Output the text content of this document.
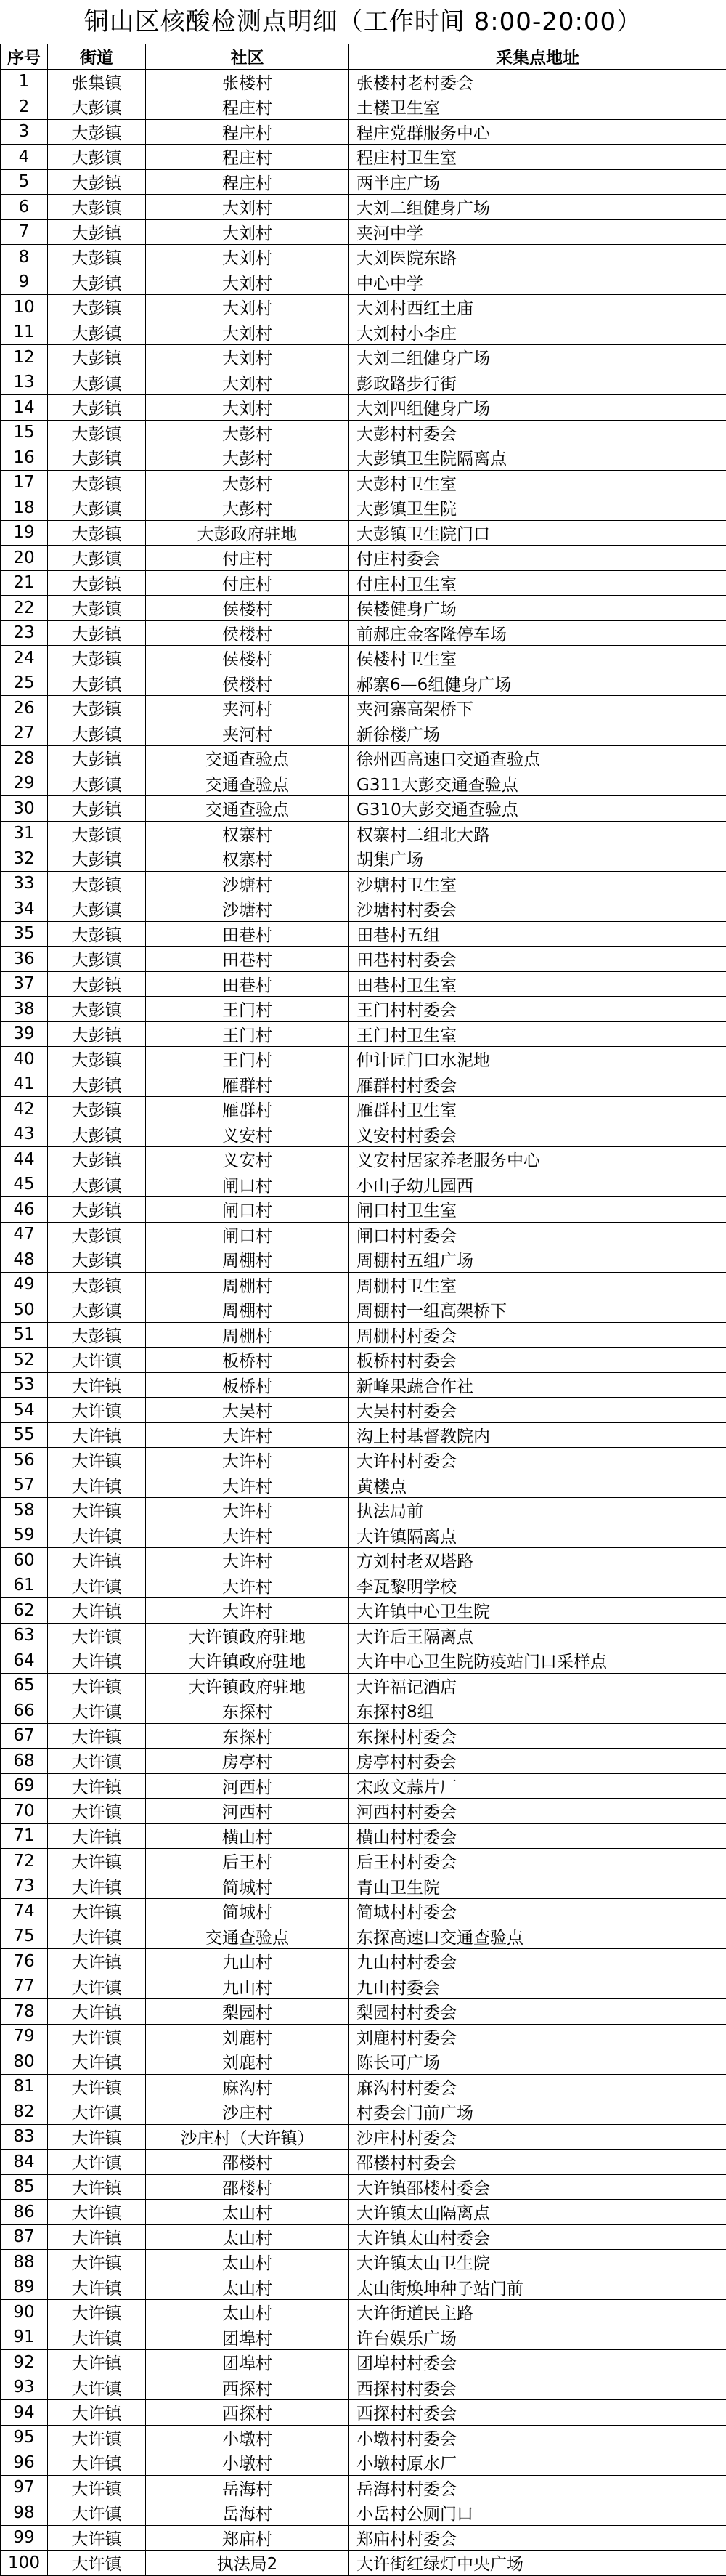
铜山区核酸检测点明细（工作时间 8:00-20:00）
序号	街道	社区	采集点地址
1	张集镇	张楼村	张楼村老村委会
2	大彭镇	程庄村	土楼卫生室
3	大彭镇	程庄村	程庄党群服务中心
4	大彭镇	程庄村	程庄村卫生室
5	大彭镇	程庄村	两半庄广场
6	大彭镇	大刘村	大刘二组健身广场
7	大彭镇	大刘村	夹河中学
8	大彭镇	大刘村	大刘医院东路
9	大彭镇	大刘村	中心中学
10	大彭镇	大刘村	大刘村西红土庙
11	大彭镇	大刘村	大刘村小李庄
12	大彭镇	大刘村	大刘二组健身广场
13	大彭镇	大刘村	彭政路步行街
14	大彭镇	大刘村	大刘四组健身广场
15	大彭镇	大彭村	大彭村村委会
16	大彭镇	大彭村	大彭镇卫生院隔离点
17	大彭镇	大彭村	大彭村卫生室
18	大彭镇	大彭村	大彭镇卫生院
19	大彭镇	大彭政府驻地	大彭镇卫生院门口
20	大彭镇	付庄村	付庄村委会
21	大彭镇	付庄村	付庄村卫生室
22	大彭镇	侯楼村	侯楼健身广场
23	大彭镇	侯楼村	前郝庄金客隆停车场
24	大彭镇	侯楼村	侯楼村卫生室
25	大彭镇	侯楼村	郝寨6—6组健身广场
26	大彭镇	夹河村	夹河寨高架桥下
27	大彭镇	夹河村	新徐楼广场
28	大彭镇	交通查验点	徐州西高速口交通查验点
29	大彭镇	交通查验点	G311大彭交通查验点
30	大彭镇	交通查验点	G310大彭交通查验点
31	大彭镇	权寨村	权寨村二组北大路
32	大彭镇	权寨村	胡集广场
33	大彭镇	沙塘村	沙塘村卫生室
34	大彭镇	沙塘村	沙塘村村委会
35	大彭镇	田巷村	田巷村五组
36	大彭镇	田巷村	田巷村村委会
37	大彭镇	田巷村	田巷村卫生室
38	大彭镇	王门村	王门村村委会
39	大彭镇	王门村	王门村卫生室
40	大彭镇	王门村	仲计匠门口水泥地
41	大彭镇	雁群村	雁群村村委会
42	大彭镇	雁群村	雁群村卫生室
43	大彭镇	义安村	义安村村委会
44	大彭镇	义安村	义安村居家养老服务中心
45	大彭镇	闸口村	小山子幼儿园西
46	大彭镇	闸口村	闸口村卫生室
47	大彭镇	闸口村	闸口村村委会
48	大彭镇	周棚村	周棚村五组广场
49	大彭镇	周棚村	周棚村卫生室
50	大彭镇	周棚村	周棚村一组高架桥下
51	大彭镇	周棚村	周棚村村委会
52	大许镇	板桥村	板桥村村委会
53	大许镇	板桥村	新峰果蔬合作社
54	大许镇	大吴村	大吴村村委会
55	大许镇	大许村	沟上村基督教院内
56	大许镇	大许村	大许村村委会
57	大许镇	大许村	黄楼点
58	大许镇	大许村	执法局前
59	大许镇	大许村	大许镇隔离点
60	大许镇	大许村	方刘村老双塔路
61	大许镇	大许村	李瓦黎明学校
62	大许镇	大许村	大许镇中心卫生院
63	大许镇	大许镇政府驻地	大许后王隔离点
64	大许镇	大许镇政府驻地	大许中心卫生院防疫站门口采样点
65	大许镇	大许镇政府驻地	大许福记酒店
66	大许镇	东探村	东探村8组
67	大许镇	东探村	东探村村委会
68	大许镇	房亭村	房亭村村委会
69	大许镇	河西村	宋政文蒜片厂
70	大许镇	河西村	河西村村委会
71	大许镇	横山村	横山村村委会
72	大许镇	后王村	后王村村委会
73	大许镇	简城村	青山卫生院
74	大许镇	简城村	简城村村委会
75	大许镇	交通查验点	东探高速口交通查验点
76	大许镇	九山村	九山村村委会
77	大许镇	九山村	九山村委会
78	大许镇	梨园村	梨园村村委会
79	大许镇	刘鹿村	刘鹿村村委会
80	大许镇	刘鹿村	陈长可广场
81	大许镇	麻沟村	麻沟村村委会
82	大许镇	沙庄村	村委会门前广场
83	大许镇	沙庄村（大许镇）	沙庄村村委会
84	大许镇	邵楼村	邵楼村村委会
85	大许镇	邵楼村	大许镇邵楼村委会
86	大许镇	太山村	大许镇太山隔离点
87	大许镇	太山村	大许镇太山村委会
88	大许镇	太山村	大许镇太山卫生院
89	大许镇	太山村	太山街焕坤种子站门前
90	大许镇	太山村	大许街道民主路
91	大许镇	团埠村	许台娱乐广场
92	大许镇	团埠村	团埠村村委会
93	大许镇	西探村	西探村村委会
94	大许镇	西探村	西探村村委会
95	大许镇	小墩村	小墩村村委会
96	大许镇	小墩村	小墩村原水厂
97	大许镇	岳海村	岳海村村委会
98	大许镇	岳海村	小岳村公厕门口
99	大许镇	郑庙村	郑庙村村委会
100	大许镇	执法局2	大许街红绿灯中央广场
